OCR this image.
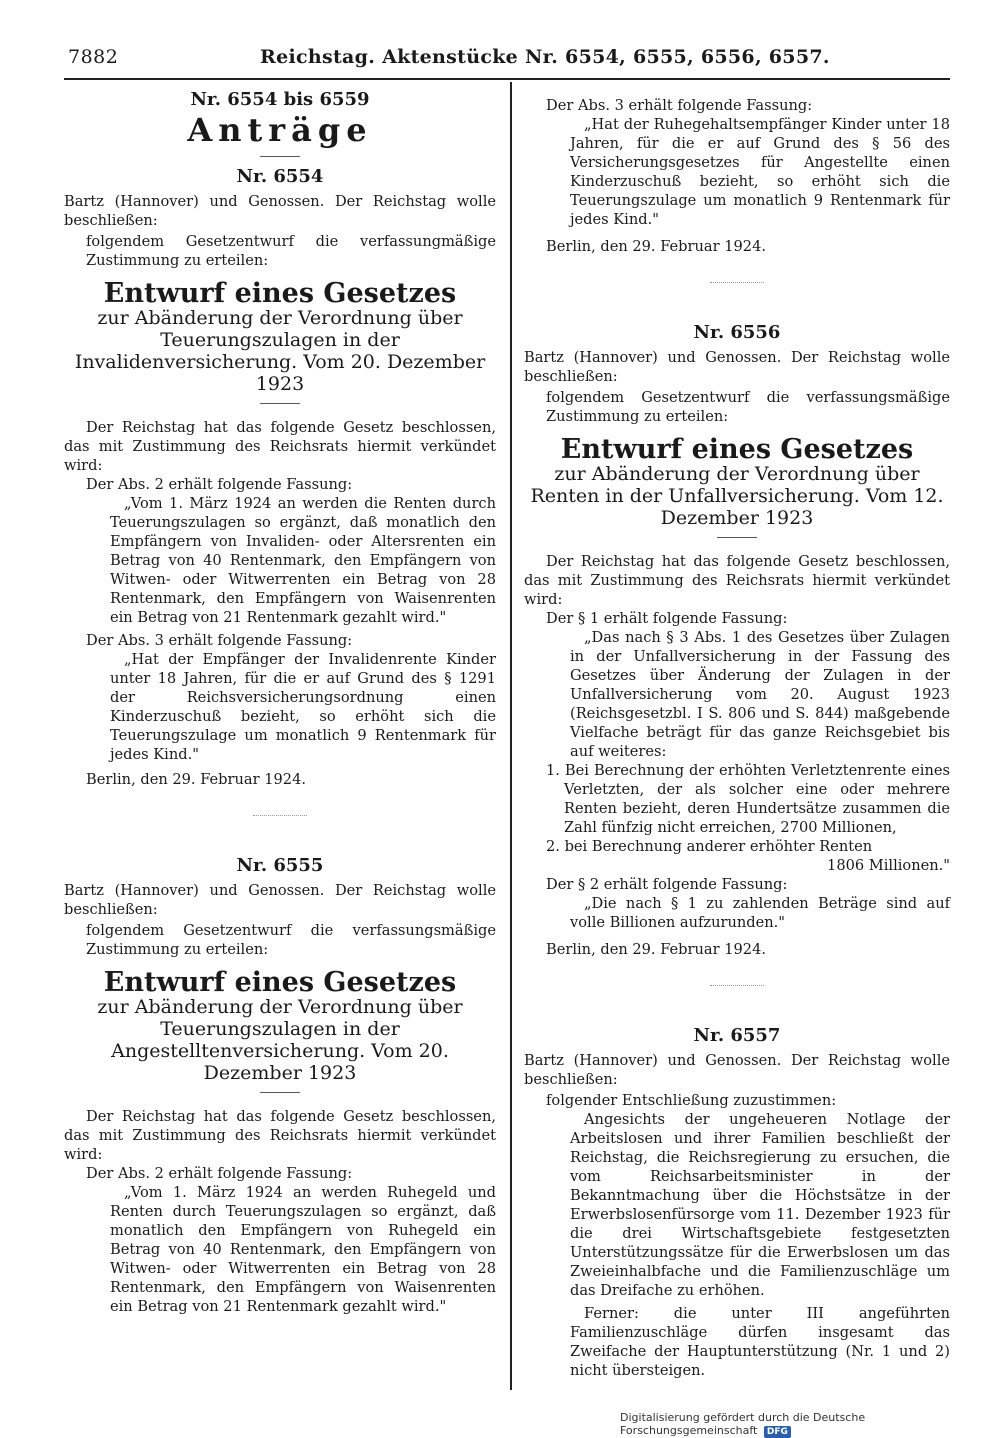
7882	Reichstag. Aktenstücke Nr. 6554, 6555, 6556, 6557.
Nr. 6554 bis 6559
Anträge
Nr. 6554

Bartz (Hannover) und Genossen. Der Reichstag wolle beschließen:

folgendem Gesetzentwurf die verfassungmäßige Zustimmung zu erteilen:

Entwurf eines Gesetzes

zur Abänderung der Verordnung über Teuerungszulagen in der Invalidenversicherung. Vom 20. Dezember 1923

Der Reichstag hat das folgende Gesetz beschlossen, das mit Zustimmung des Reichsrats hiermit verkündet wird:

Der Abs. 2 erhält folgende Fassung:

„Vom 1. März 1924 an werden die Renten durch Teuerungszulagen so ergänzt, daß monatlich den Empfängern von Invaliden- oder Altersrenten ein Betrag von 40 Rentenmark, den Empfängern von Witwen- oder Witwerrenten ein Betrag von 28 Rentenmark, den Empfängern von Waisenrenten ein Betrag von 21 Rentenmark gezahlt wird."

Der Abs. 3 erhält folgende Fassung:

„Hat der Empfänger der Invalidenrente Kinder unter 18 Jahren, für die er auf Grund des § 1291 der Reichsversicherungsordnung einen Kinderzuschuß bezieht, so erhöht sich die Teuerungszulage um monatlich 9 Rentenmark für jedes Kind."

Berlin, den 29. Februar 1924.

Nr. 6555

Bartz (Hannover) und Genossen. Der Reichstag wolle beschließen:

folgendem Gesetzentwurf die verfassungsmäßige Zustimmung zu erteilen:

Entwurf eines Gesetzes

zur Abänderung der Verordnung über Teuerungszulagen in der Angestelltenversicherung. Vom 20. Dezember 1923

Der Reichstag hat das folgende Gesetz beschlossen, das mit Zustimmung des Reichsrats hiermit verkündet wird:

Der Abs. 2 erhält folgende Fassung:

„Vom 1. März 1924 an werden Ruhegeld und Renten durch Teuerungszulagen so ergänzt, daß monatlich den Empfängern von Ruhegeld ein Betrag von 40 Rentenmark, den Empfängern von Witwen- oder Witwerrenten ein Betrag von 28 Rentenmark, den Empfängern von Waisenrenten ein Betrag von 21 Rentenmark gezahlt wird."

Der Abs. 3 erhält folgende Fassung:

„Hat der Ruhegehaltsempfänger Kinder unter 18 Jahren, für die er auf Grund des § 56 des Versicherungsgesetzes für Angestellte einen Kinderzuschuß bezieht, so erhöht sich die Teuerungszulage um monatlich 9 Rentenmark für jedes Kind."

Berlin, den 29. Februar 1924.

Nr. 6556

Bartz (Hannover) und Genossen. Der Reichstag wolle beschließen:

folgendem Gesetzentwurf die verfassungsmäßige Zustimmung zu erteilen:

Entwurf eines Gesetzes

zur Abänderung der Verordnung über Renten in der Unfallversicherung. Vom 12. Dezember 1923

Der Reichstag hat das folgende Gesetz beschlossen, das mit Zustimmung des Reichsrats hiermit verkündet wird:

Der § 1 erhält folgende Fassung:

„Das nach § 3 Abs. 1 des Gesetzes über Zulagen in der Unfallversicherung in der Fassung des Gesetzes über Änderung der Zulagen in der Unfallversicherung vom 20. August 1923 (Reichsgesetzbl. I S. 806 und S. 844) maßgebende Vielfache beträgt für das ganze Reichsgebiet bis auf weiteres:

1. Bei Berechnung der erhöhten Verletztenrente eines Verletzten, der als solcher eine oder mehrere Renten bezieht, deren Hundertsätze zusammen die Zahl fünfzig nicht erreichen, 2700 Millionen,

2. bei Berechnung anderer erhöhter Renten

1806 Millionen."

Der § 2 erhält folgende Fassung:

„Die nach § 1 zu zahlenden Beträge sind auf volle Billionen aufzurunden."

Berlin, den 29. Februar 1924.

Nr. 6557

Bartz (Hannover) und Genossen. Der Reichstag wolle beschließen:

folgender Entschließung zuzustimmen:

Angesichts der ungeheueren Notlage der Arbeitslosen und ihrer Familien beschließt der Reichstag, die Reichsregierung zu ersuchen, die vom Reichsarbeitsminister in der Bekanntmachung über die Höchstsätze in der Erwerbslosenfürsorge vom 11. Dezember 1923 für die drei Wirtschaftsgebiete festgesetzten Unterstützungssätze für die Erwerbslosen um das Zweieinhalbfache und die Familienzuschläge um das Dreifache zu erhöhen.

Ferner: die unter III angeführten Familienzuschläge dürfen insgesamt das Zweifache der Hauptunterstützung (Nr. 1 und 2) nicht übersteigen.

Digitalisierung gefördert durch die Deutsche Forschungsgemeinschaft DFG
